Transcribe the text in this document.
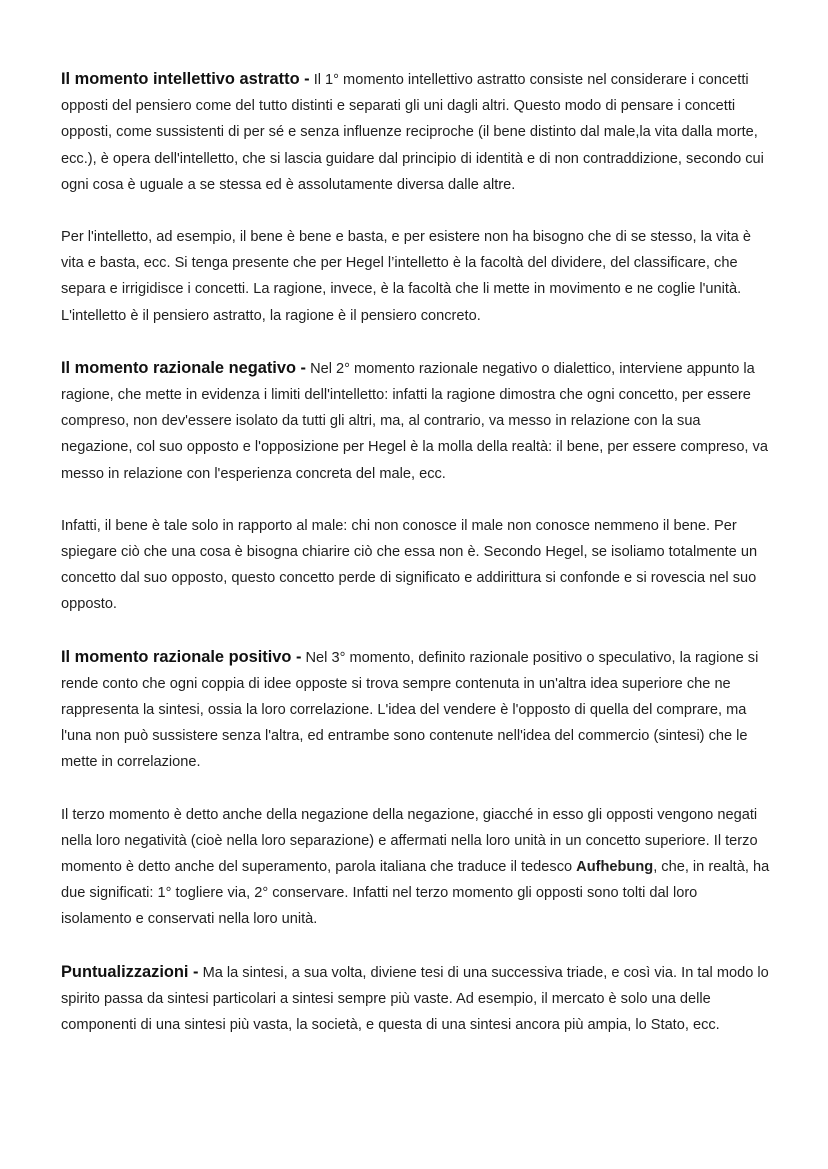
Il momento intellettivo astratto - Il 1° momento intellettivo astratto consiste nel considerare i concetti opposti del pensiero come del tutto distinti e separati gli uni dagli altri. Questo modo di pensare i concetti opposti, come sussistenti di per sé e senza influenze reciproche (il bene distinto dal male,la vita dalla morte, ecc.), è opera dell'intelletto, che si lascia guidare dal principio di identità e di non contraddizione, secondo cui ogni cosa è uguale a se stessa ed è assolutamente diversa dalle altre.

Per l'intelletto, ad esempio, il bene è bene e basta, e per esistere non ha bisogno che di se stesso, la vita è vita e basta, ecc. Si tenga presente che per Hegel l’intelletto è la facoltà del dividere, del classificare, che separa e irrigidisce i concetti. La ragione, invece, è la facoltà che li mette in movimento e ne coglie l'unità. L'intelletto è il pensiero astratto, la ragione è il pensiero concreto.

Il momento razionale negativo - Nel 2° momento razionale negativo o dialettico, interviene appunto la ragione, che mette in evidenza i limiti dell'intelletto: infatti la ragione dimostra che ogni concetto, per essere compreso, non dev'essere isolato da tutti gli altri, ma, al contrario, va messo in relazione con la sua negazione, col suo opposto e l'opposizione per Hegel è la molla della realtà: il bene, per essere compreso, va messo in relazione con l'esperienza concreta del male, ecc.

Infatti, il bene è tale solo in rapporto al male: chi non conosce il male non conosce nemmeno il bene. Per spiegare ciò che una cosa è bisogna chiarire ciò che essa non è. Secondo Hegel, se isoliamo totalmente un concetto dal suo opposto, questo concetto perde di significato e addirittura si confonde e si rovescia nel suo opposto.

Il momento razionale positivo - Nel 3° momento, definito razionale positivo o speculativo, la ragione si rende conto che ogni coppia di idee opposte si trova sempre contenuta in un'altra idea superiore che ne rappresenta la sintesi, ossia la loro correlazione. L'idea del vendere è l'opposto di quella del comprare, ma l'una non può sussistere senza l'altra, ed entrambe sono contenute nell'idea del commercio (sintesi) che le mette in correlazione.

Il terzo momento è detto anche della negazione della negazione, giacché in esso gli opposti vengono negati nella loro negatività (cioè nella loro separazione) e affermati nella loro unità in un concetto superiore. Il terzo momento è detto anche del superamento, parola italiana che traduce il tedesco Aufhebung, che, in realtà, ha due significati: 1° togliere via, 2° conservare. Infatti nel terzo momento gli opposti sono tolti dal loro isolamento e conservati nella loro unità.

Puntualizzazioni - Ma la sintesi, a sua volta, diviene tesi di una successiva triade, e così via. In tal modo lo spirito passa da sintesi particolari a sintesi sempre più vaste. Ad esempio, il mercato è solo una delle componenti di una sintesi più vasta, la società, e questa di una sintesi ancora più ampia, lo Stato, ecc.
